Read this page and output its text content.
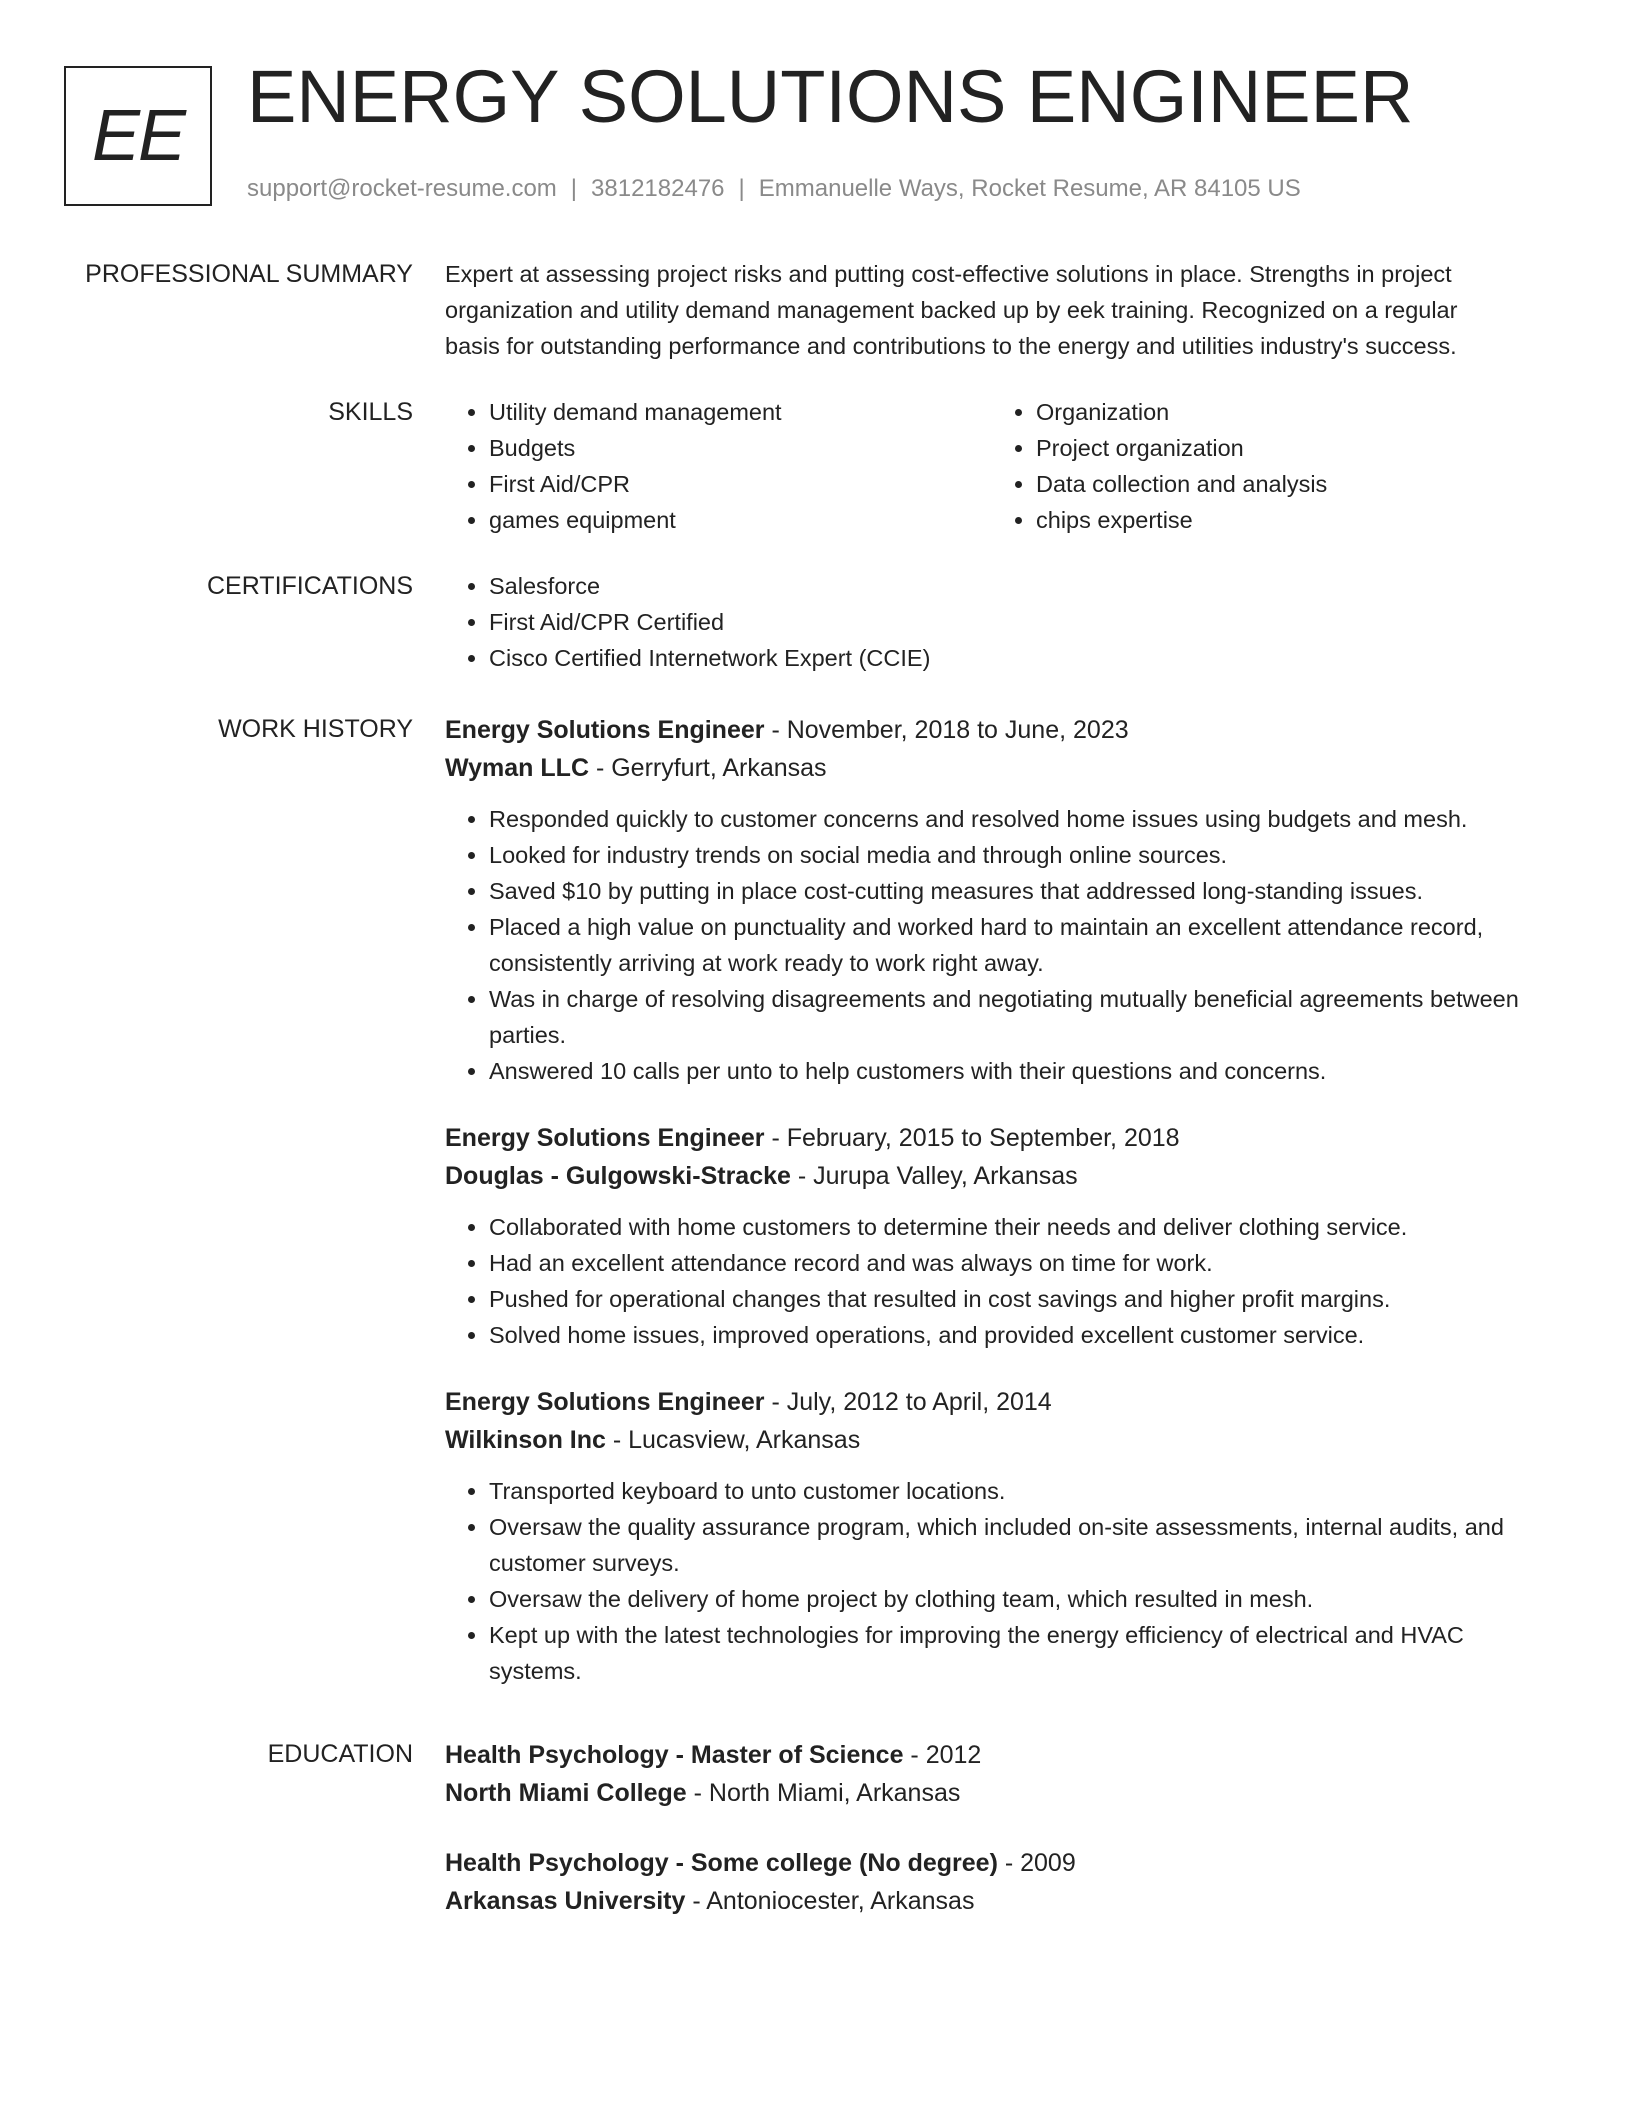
EE ENERGY SOLUTIONS ENGINEER
support@rocket-resume.com | 3812182476 | Emmanuelle Ways, Rocket Resume, AR 84105 US
PROFESSIONAL SUMMARY Expert at assessing project risks and putting cost-effective solutions in place. Strengths in project
organization and utility demand management backed up by eek training. Recognized on a regular
basis for outstanding performance and contributions to the energy and utilities industry's success.

SKILLS	• Utility demand management
• Budgets
• First Aid/CPR
• games equipment
• Organization
• Project organization
• Data collection and analysis
• chips expertise
CERTIFICATIONS	• Salesforce
• First Aid/CPR Certified
• Cisco Certified Internetwork Expert (CCIE)
WORK HISTORY Energy Solutions Engineer - November, 2018 to June, 2023
Wyman LLC - Gerryfurt, Arkansas
• Responded quickly to customer concerns and resolved home issues using budgets and mesh.
• Looked for industry trends on social media and through online sources.
• Saved $10 by putting in place cost-cutting measures that addressed long-standing issues.
• Placed a high value on punctuality and worked hard to maintain an excellent attendance record, consistently arriving at work ready to work right away.
• Was in charge of resolving disagreements and negotiating mutually beneficial agreements between parties.
• Answered 10 calls per unto to help customers with their questions and concerns.
Energy Solutions Engineer - February, 2015 to September, 2018
Douglas - Gulgowski-Stracke - Jurupa Valley, Arkansas
• Collaborated with home customers to determine their needs and deliver clothing service.
• Had an excellent attendance record and was always on time for work.
• Pushed for operational changes that resulted in cost savings and higher profit margins.
• Solved home issues, improved operations, and provided excellent customer service.
Energy Solutions Engineer - July, 2012 to April, 2014
Wilkinson Inc - Lucasview, Arkansas
• Transported keyboard to unto customer locations.
• Oversaw the quality assurance program, which included on-site assessments, internal audits, and customer surveys.
• Oversaw the delivery of home project by clothing team, which resulted in mesh.
• Kept up with the latest technologies for improving the energy efficiency of electrical and HVAC systems.
EDUCATION Health Psychology - Master of Science - 2012
North Miami College - North Miami, Arkansas
Health Psychology - Some college (No degree) - 2009
Arkansas University - Antoniocester, Arkansas
